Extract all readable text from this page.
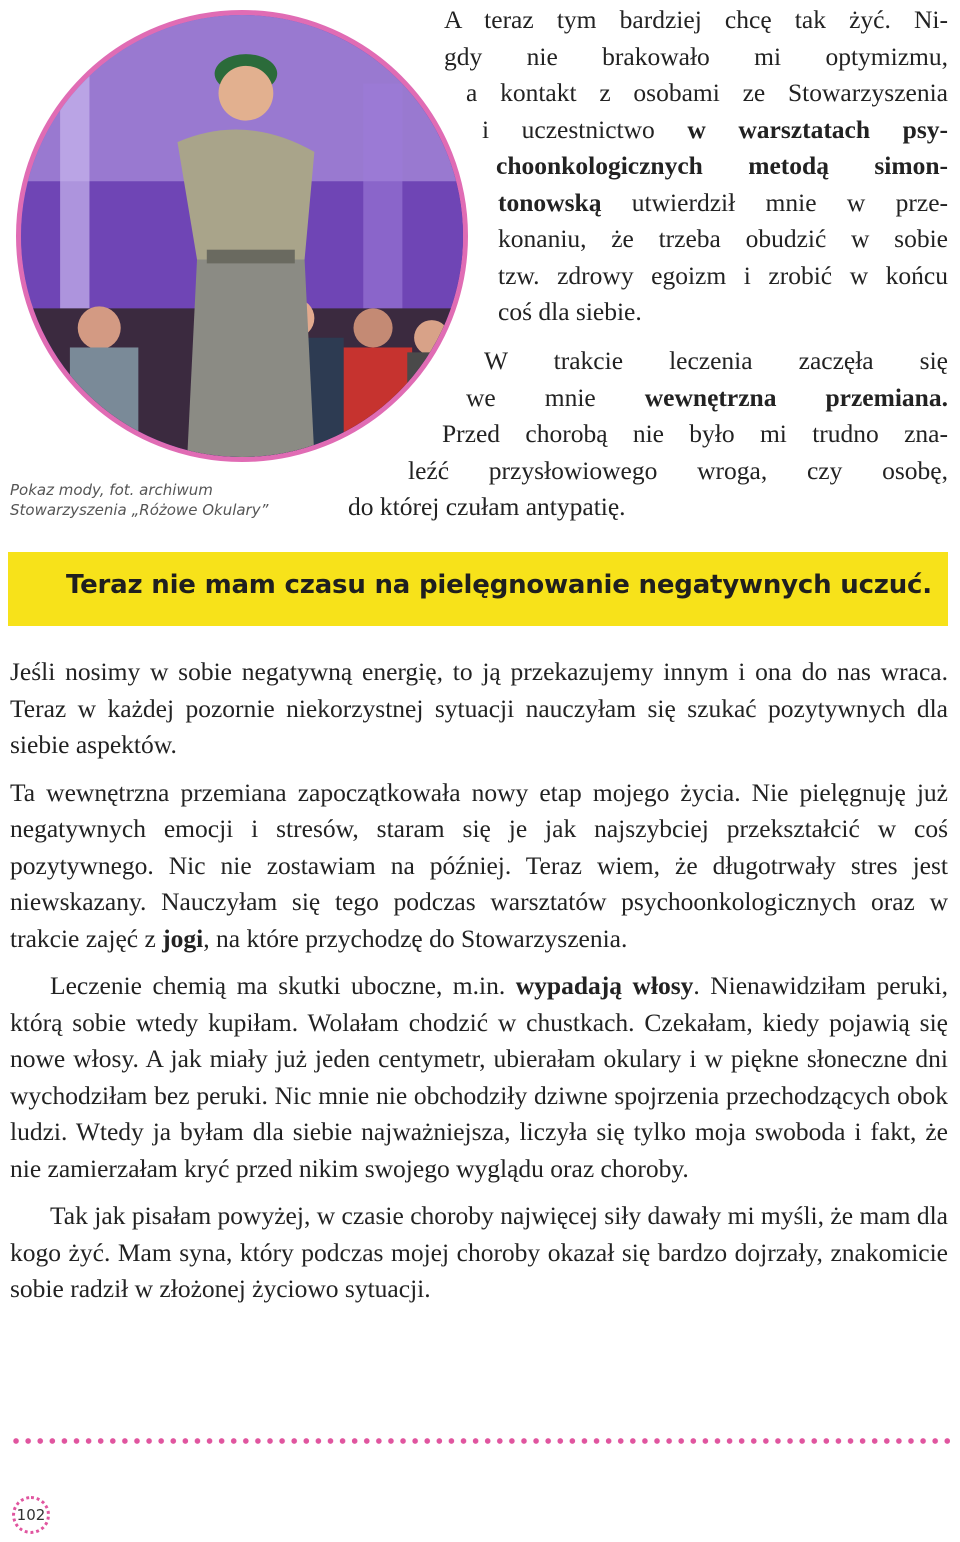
Pokaz mody, fot. archiwum
Stowarzyszenia „Różowe Okulary”
A teraz tym bardziej chcę tak żyć. Ni-
gdy nie brakowało mi optymizmu,
a kontakt z osobami ze Stowarzyszenia
i uczestnictwo w warsztatach psy-
choonkologicznych metodą simon-
tonowską utwierdził mnie w prze-
konaniu, że trzeba obudzić w sobie
tzw. zdrowy egoizm i zrobić w końcu
coś dla siebie.
W trakcie leczenia zaczęła się
we mnie wewnętrzna przemiana.
Przed chorobą nie było mi trudno zna-
leźć przysłowiowego wroga, czy osobę,
do której czułam antypatię.
Teraz nie mam czasu na pielęgnowanie negatywnych uczuć.

Jeśli nosimy w sobie negatywną energię, to ją przekazujemy innym i ona do nas wraca. Teraz w każdej pozornie niekorzystnej sytuacji nauczyłam się szukać pozytywnych dla siebie aspektów.

Ta wewnętrzna przemiana zapoczątkowała nowy etap mojego życia. Nie pielęgnuję już negatywnych emocji i stresów, staram się je jak najszybciej przekształcić w coś pozytywnego. Nic nie zostawiam na później. Teraz wiem, że długotrwały stres jest niewskazany. Nauczyłam się tego podczas warsztatów psychoonkologicznych oraz w trakcie zajęć z jogi, na które przychodzę do Stowarzyszenia.

Leczenie chemią ma skutki uboczne, m.in. wypadają włosy. Nienawidziłam peruki, którą sobie wtedy kupiłam. Wolałam chodzić w chustkach. Czekałam, kiedy pojawią się nowe włosy. A jak miały już jeden centymetr, ubierałam okulary i w piękne słoneczne dni wychodziłam bez peruki. Nic mnie nie obchodziły dziwne spojrzenia przechodzących obok ludzi. Wtedy ja byłam dla siebie najważniejsza, liczyła się tylko moja swoboda i fakt, że nie zamierzałam kryć przed nikim swojego wyglądu oraz choroby.

Tak jak pisałam powyżej, w czasie choroby najwięcej siły dawały mi myśli, że mam dla kogo żyć. Mam syna, który podczas mojej choroby okazał się bardzo dojrzały, znakomicie sobie radził w złożonej życiowo sytuacji.

102
